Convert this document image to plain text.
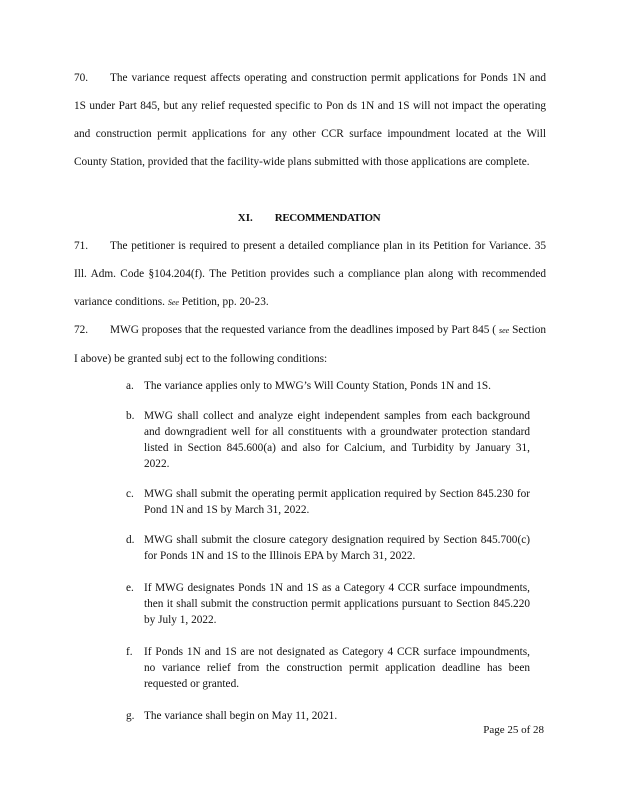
70. The variance request affects operating and construction permit applications for Ponds 1N and 1S under Part 845, but any relief requested specific to Pon ds 1N and 1S will not impact the operating and construction permit applications for any other CCR surface impoundment located at the Will County Station, provided that the facility-wide plans submitted with those applications are complete.

XI. RECOMMENDATION

71. The petitioner is required to present a detailed compliance plan in its Petition for Variance. 35 Ill. Adm. Code §104.204(f). The Petition provides such a compliance plan along with recommended variance conditions. See Petition, pp. 20-23.

72. MWG proposes that the requested variance from the deadlines imposed by Part 845 ( see Section I above) be granted subj ect to the following conditions:

a. The variance applies only to MWG’s Will County Station, Ponds 1N and 1S.
b. MWG shall collect and analyze eight independent samples from each background and downgradient well for all constituents with a groundwater protection standard listed in Section 845.600(a) and also for Calcium, and Turbidity by January 31, 2022.
c. MWG shall submit the operating permit application required by Section 845.230 for Pond 1N and 1S by March 31, 2022.
d. MWG shall submit the closure category designation required by Section 845.700(c) for Ponds 1N and 1S to the Illinois EPA by March 31, 2022.
e. If MWG designates Ponds 1N and 1S as a Category 4 CCR surface impoundments, then it shall submit the construction permit applications pursuant to Section 845.220 by July 1, 2022.
f.	If Ponds 1N and 1S are not designated as Category 4 CCR surface impoundments, no variance relief from the construction permit application deadline has been requested or granted.
g. The variance shall begin on May 11, 2021.
Page 25 of 28
